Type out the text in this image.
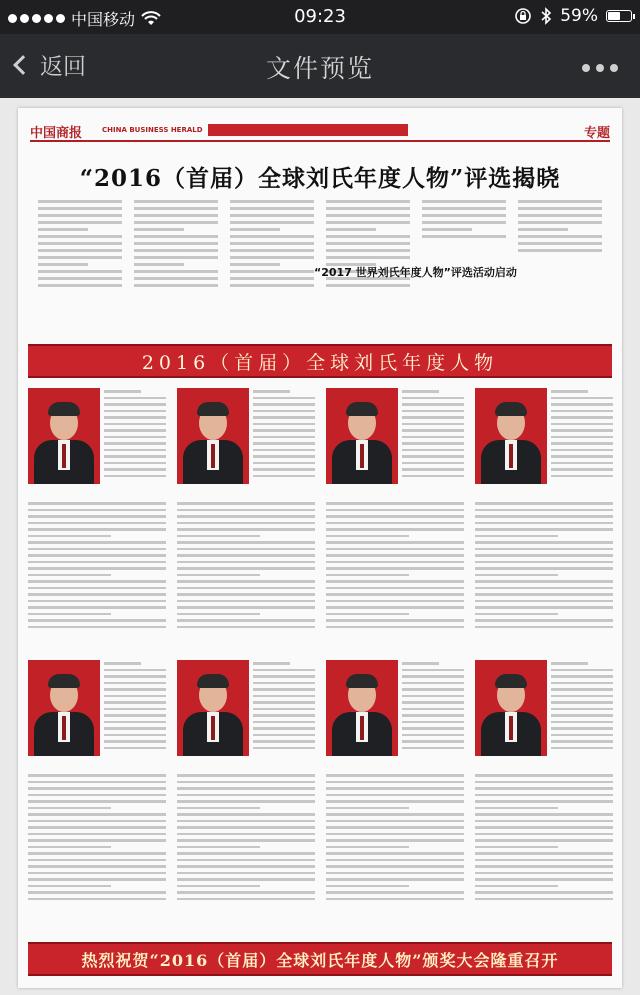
中国移动	09:23	59%
返回	文件预览
中国商报	CHINA BUSINESS HERALD	专题
“2016（首届）全球刘氏年度人物”评选揭晓
“2017 世界刘氏年度人物”评选活动启动
2016（首届）全球刘氏年度人物
热烈祝贺“2016（首届）全球刘氏年度人物”颁奖大会隆重召开
